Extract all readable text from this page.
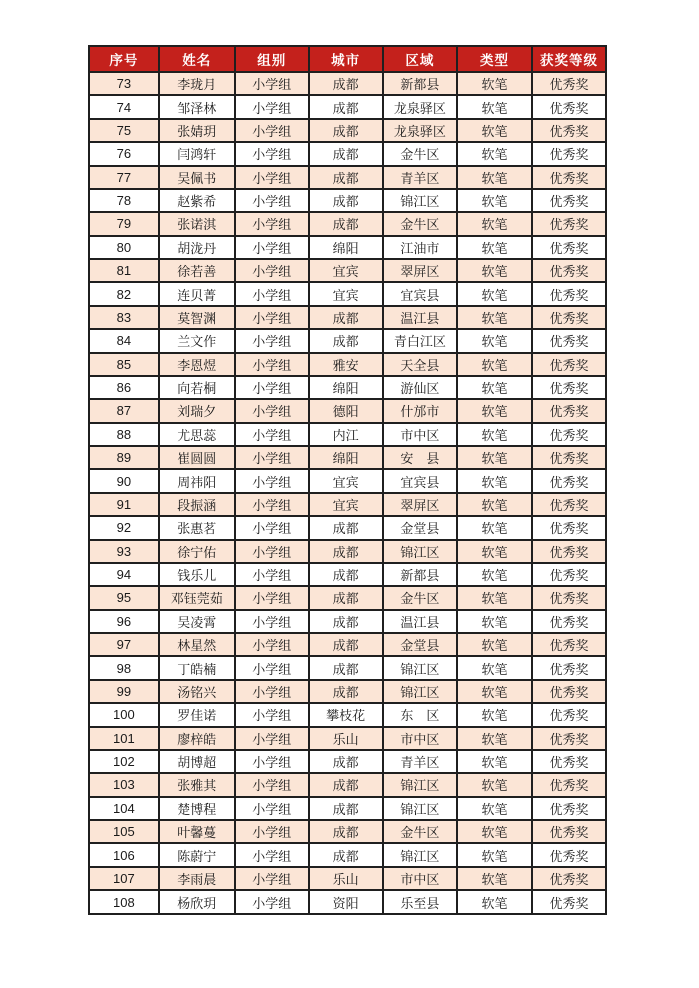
序号	姓名	组别	城市	区域	类型	获奖等级
73	李珑月	小学组	成都	新都县	软笔	优秀奖
74	邹泽林	小学组	成都	龙泉驿区	软笔	优秀奖
75	张婧玥	小学组	成都	龙泉驿区	软笔	优秀奖
76	闫鸿轩	小学组	成都	金牛区	软笔	优秀奖
77	吴佩书	小学组	成都	青羊区	软笔	优秀奖
78	赵紫希	小学组	成都	锦江区	软笔	优秀奖
79	张诺淇	小学组	成都	金牛区	软笔	优秀奖
80	胡泷丹	小学组	绵阳	江油市	软笔	优秀奖
81	徐若善	小学组	宜宾	翠屏区	软笔	优秀奖
82	连贝菁	小学组	宜宾	宜宾县	软笔	优秀奖
83	莫智渊	小学组	成都	温江县	软笔	优秀奖
84	兰文作	小学组	成都	青白江区	软笔	优秀奖
85	李恩煜	小学组	雅安	天全县	软笔	优秀奖
86	向若桐	小学组	绵阳	游仙区	软笔	优秀奖
87	刘瑞夕	小学组	德阳	什邡市	软笔	优秀奖
88	尤思蕊	小学组	内江	市中区	软笔	优秀奖
89	崔圆圆	小学组	绵阳	安　县	软笔	优秀奖
90	周祎阳	小学组	宜宾	宜宾县	软笔	优秀奖
91	段振涵	小学组	宜宾	翠屏区	软笔	优秀奖
92	张惠茗	小学组	成都	金堂县	软笔	优秀奖
93	徐宁佑	小学组	成都	锦江区	软笔	优秀奖
94	钱乐儿	小学组	成都	新都县	软笔	优秀奖
95	邓钰莞茹	小学组	成都	金牛区	软笔	优秀奖
96	吴凌霄	小学组	成都	温江县	软笔	优秀奖
97	林星然	小学组	成都	金堂县	软笔	优秀奖
98	丁皓楠	小学组	成都	锦江区	软笔	优秀奖
99	汤铭兴	小学组	成都	锦江区	软笔	优秀奖
100	罗佳诺	小学组	攀枝花	东　区	软笔	优秀奖
101	廖梓皓	小学组	乐山	市中区	软笔	优秀奖
102	胡博超	小学组	成都	青羊区	软笔	优秀奖
103	张雅其	小学组	成都	锦江区	软笔	优秀奖
104	楚博程	小学组	成都	锦江区	软笔	优秀奖
105	叶馨蔓	小学组	成都	金牛区	软笔	优秀奖
106	陈蔚宁	小学组	成都	锦江区	软笔	优秀奖
107	李雨晨	小学组	乐山	市中区	软笔	优秀奖
108	杨欣玥	小学组	资阳	乐至县	软笔	优秀奖
